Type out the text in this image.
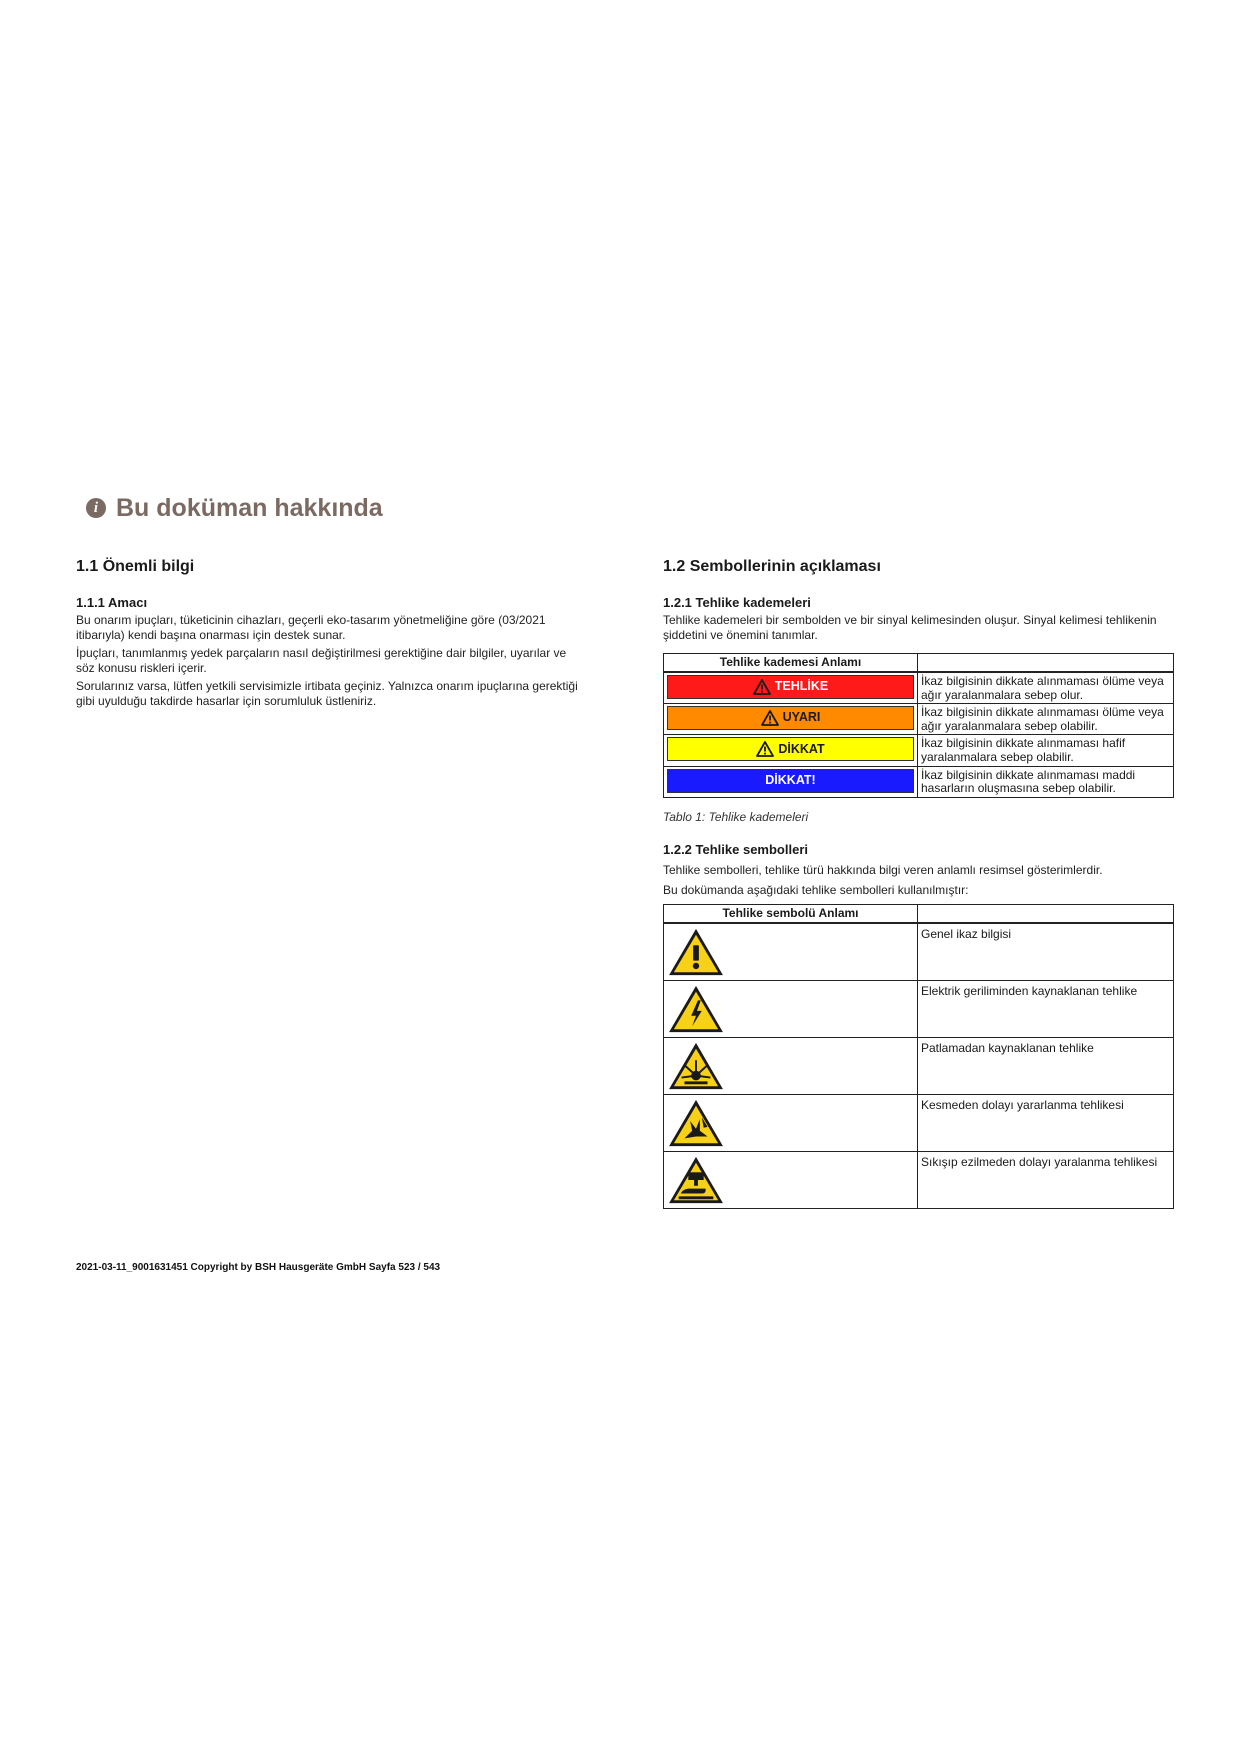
i Bu doküman hakkında
1.1 Önemli bilgi
1.1.1 Amacı

Bu onarım ipuçları, tüketicinin cihazları, geçerli eko-tasarım yönetmeliğine göre (03/2021 itibarıyla) kendi başına onarması için destek sunar.

İpuçları, tanımlanmış yedek parçaların nasıl değiştirilmesi gerektiğine dair bilgiler, uyarılar ve söz konusu riskleri içerir.

Sorularınız varsa, lütfen yetkili servisimizle irtibata geçiniz. Yalnızca onarım ipuçlarına gerektiği gibi uyulduğu takdirde hasarlar için sorumluluk üstleniriz.

1.2 Sembollerinin açıklaması
1.2.1 Tehlike kademeleri

Tehlike kademeleri bir sembolden ve bir sinyal kelimesinden oluşur. Sinyal kelimesi tehlikenin şiddetini ve önemini tanımlar.

Tehlike kademesi Anlamı	

TEHLİKE	İkaz bilgisinin dikkate alınmaması ölüme veya ağır yaralanmalara sebep olur.

UYARI	İkaz bilgisinin dikkate alınmaması ölüme veya ağır yaralanmalara sebep olabilir.

DİKKAT	İkaz bilgisinin dikkate alınmaması hafif yaralanmalara sebep olabilir.

DİKKAT!	İkaz bilgisinin dikkate alınmaması maddi hasarların oluşmasına sebep olabilir.
Tablo 1: Tehlike kademeleri
1.2.2 Tehlike sembolleri

Tehlike sembolleri, tehlike türü hakkında bilgi veren anlamlı resimsel gösterimlerdir.

Bu dokümanda aşağıdaki tehlike sembolleri kullanılmıştır:

Tehlike sembolü Anlamı	

	Genel ikaz bilgisi

	Elektrik geriliminden kaynaklanan tehlike

	Patlamadan kaynaklanan tehlike

	Kesmeden dolayı yararlanma tehlikesi

	Sıkışıp ezilmeden dolayı yaralanma tehlikesi
2021-03-11_9001631451 Copyright by BSH Hausgeräte GmbH Sayfa 523 / 543
